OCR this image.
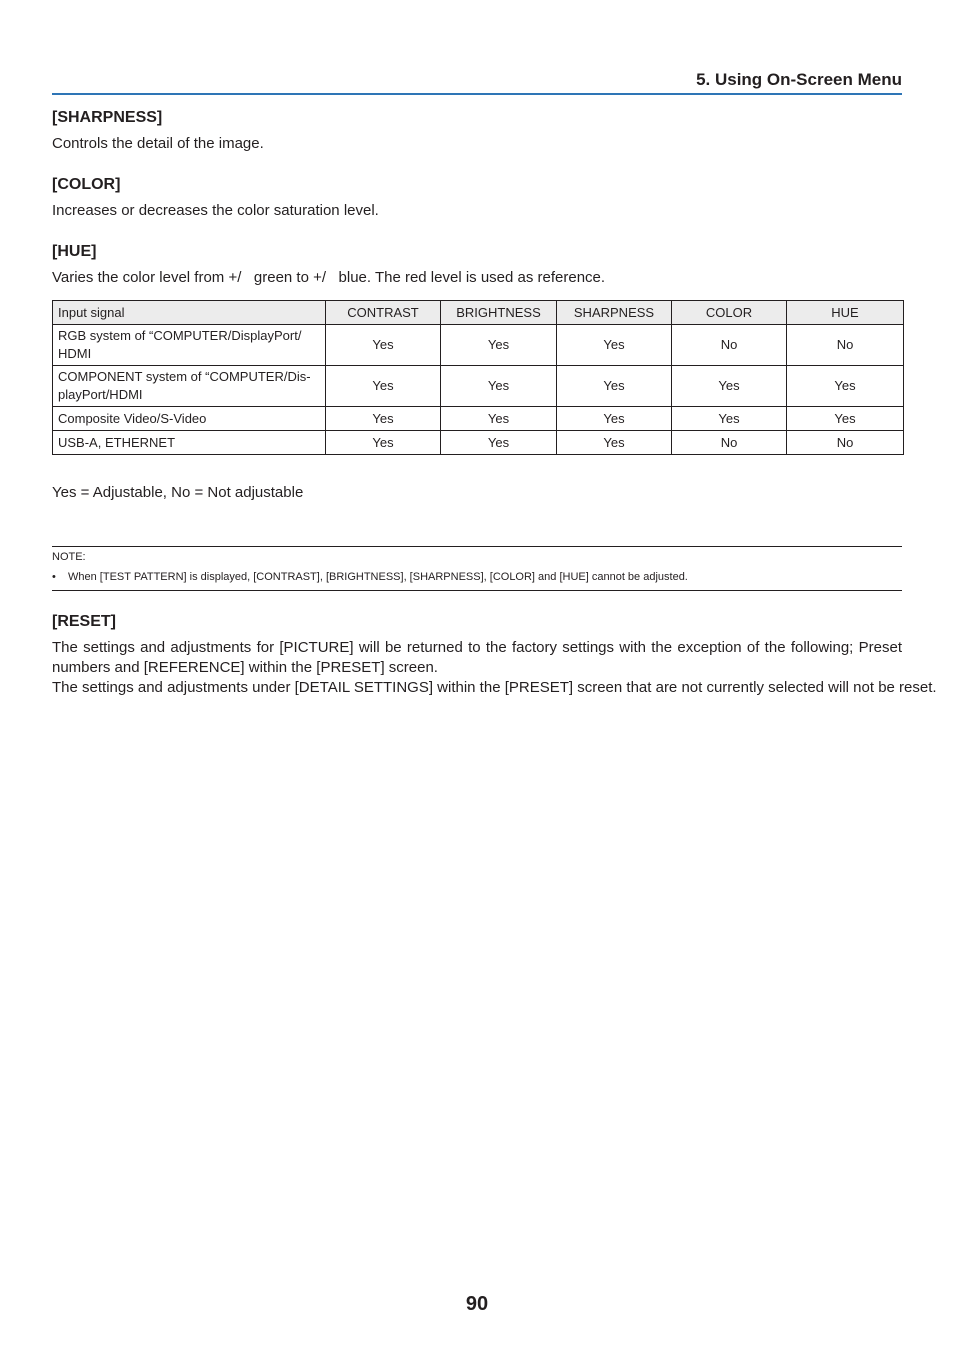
5. Using On-Screen Menu
[SHARPNESS]
Controls the detail of the image.
[COLOR]
Increases or decreases the color saturation level.
[HUE]
Varies the color level from +/   green to +/   blue. The red level is used as reference.
Input signal	CONTRAST	BRIGHTNESS	SHARPNESS	COLOR	HUE
RGB system of “COMPUTER/DisplayPort/ HDMI	Yes	Yes	Yes	No	No
COMPONENT system of “COMPUTER/Dis- playPort/HDMI	Yes	Yes	Yes	Yes	Yes
Composite Video/S-Video	Yes	Yes	Yes	Yes	Yes
USB-A, ETHERNET	Yes	Yes	Yes	No	No
Yes = Adjustable, No = Not adjustable
NOTE:
• When [TEST PATTERN] is displayed, [CONTRAST], [BRIGHTNESS], [SHARPNESS], [COLOR] and [HUE] cannot be adjusted.
[RESET]
The settings and adjustments for [PICTURE] will be returned to the factory settings with the exception of the following; Preset
numbers and [REFERENCE] within the [PRESET] screen.
The settings and adjustments under [DETAIL SETTINGS] within the [PRESET] screen that are not currently selected will not be reset.
90
